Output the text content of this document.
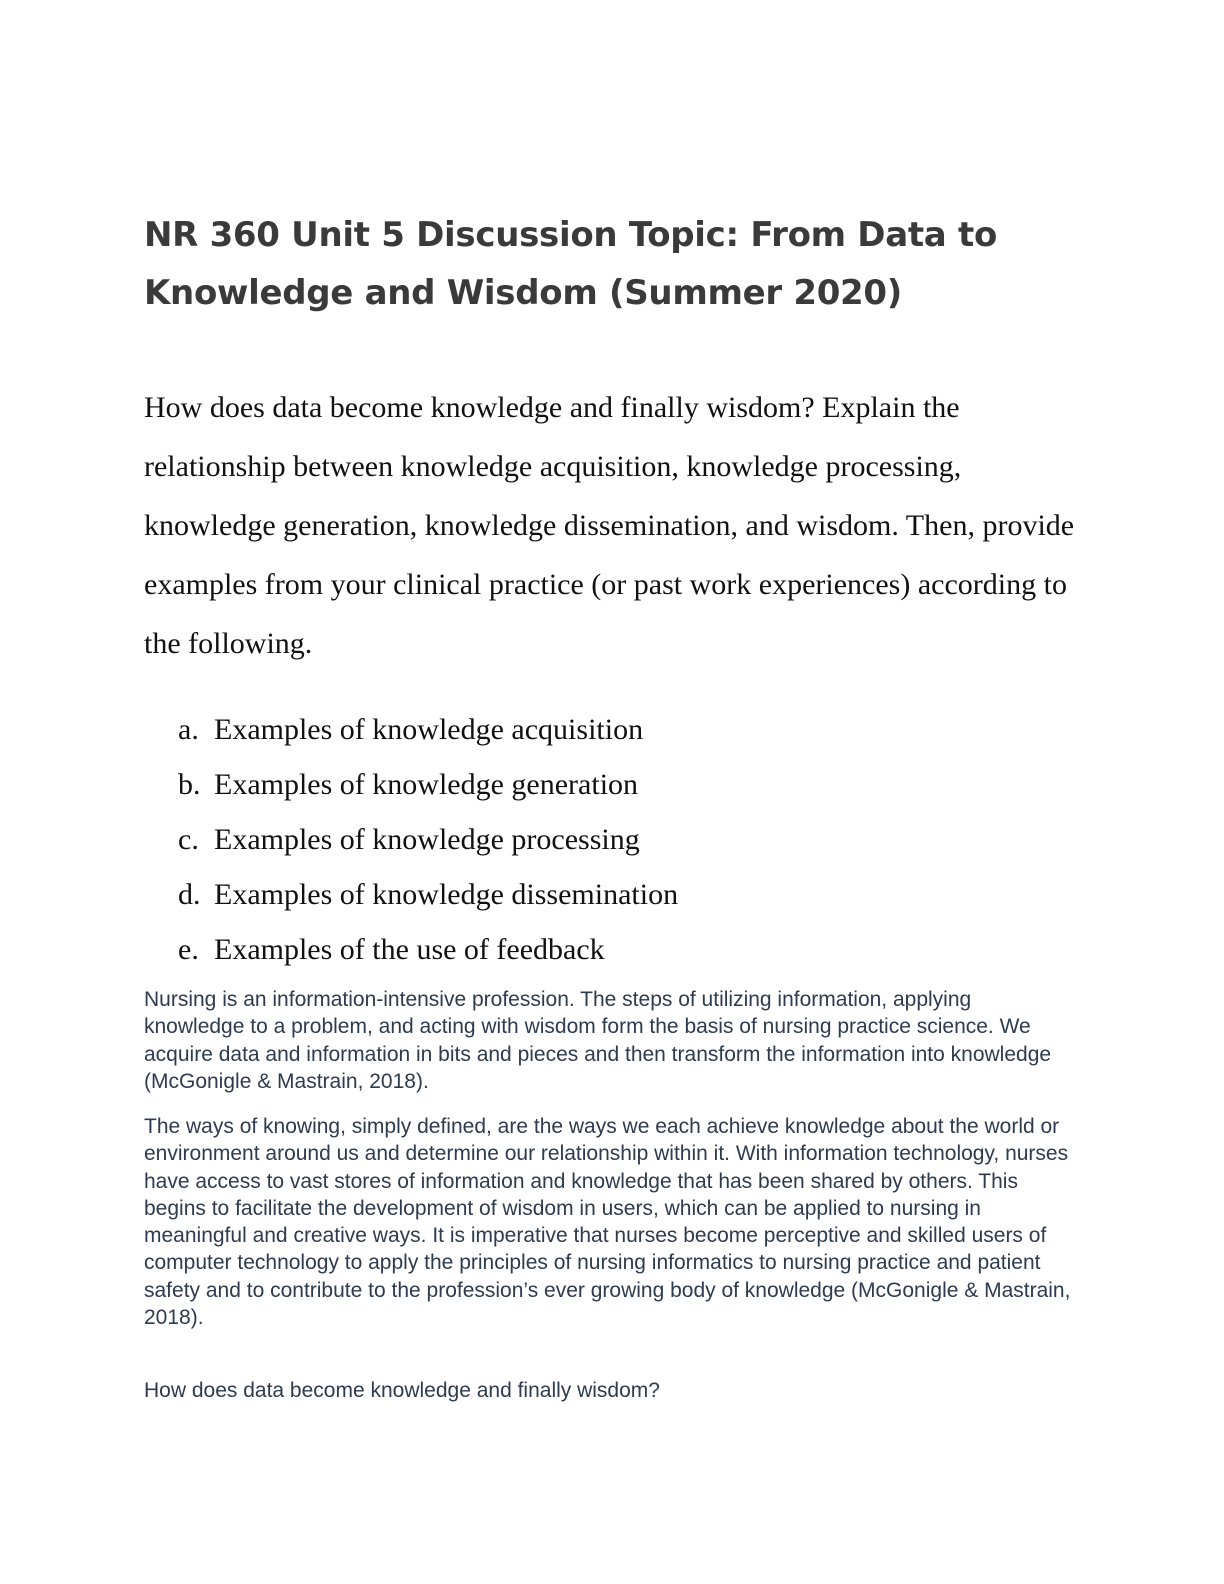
NR 360 Unit 5 Discussion Topic: From Data to Knowledge and Wisdom (Summer 2020)

How does data become knowledge and finally wisdom? Explain the relationship between knowledge acquisition, knowledge processing, knowledge generation, knowledge dissemination, and wisdom. Then, provide examples from your clinical practice (or past work experiences) according to the following.

a. Examples of knowledge acquisition
b. Examples of knowledge generation
c. Examples of knowledge processing
d. Examples of knowledge dissemination
e. Examples of the use of feedback

Nursing is an information-intensive profession. The steps of utilizing information, applying knowledge to a problem, and acting with wisdom form the basis of nursing practice science. We acquire data and information in bits and pieces and then transform the information into knowledge (McGonigle & Mastrain, 2018).

The ways of knowing, simply defined, are the ways we each achieve knowledge about the world or environment around us and determine our relationship within it. With information technology, nurses have access to vast stores of information and knowledge that has been shared by others. This begins to facilitate the development of wisdom in users, which can be applied to nursing in meaningful and creative ways. It is imperative that nurses become perceptive and skilled users of computer technology to apply the principles of nursing informatics to nursing practice and patient safety and to contribute to the profession’s ever growing body of knowledge (McGonigle & Mastrain, 2018).

How does data become knowledge and finally wisdom?
